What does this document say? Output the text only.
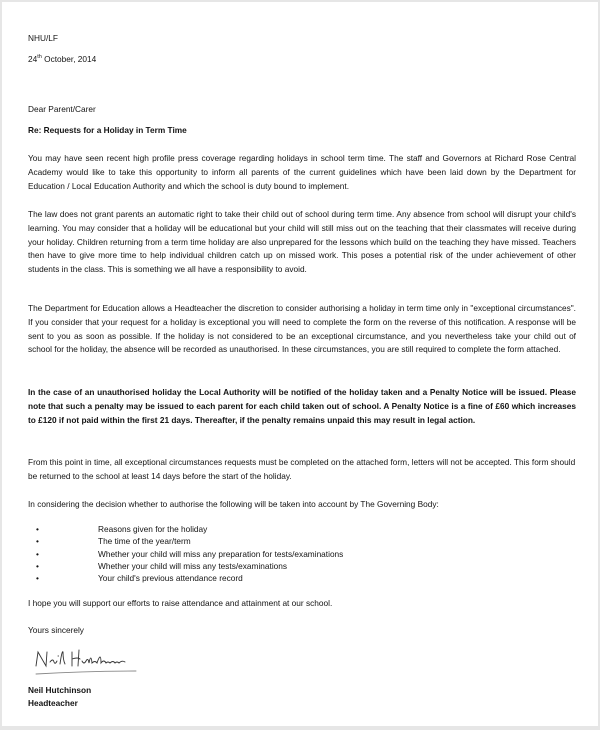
NHU/LF
24th October, 2014
Dear Parent/Carer
Re: Requests for a Holiday in Term Time
You may have seen recent high profile press coverage regarding holidays in school term time. The staff and Governors at Richard Rose Central Academy would like to take this opportunity to inform all parents of the current guidelines which have been laid down by the Department for Education / Local Education Authority and which the school is duty bound to implement.
The law does not grant parents an automatic right to take their child out of school during term time. Any absence from school will disrupt your child's learning. You may consider that a holiday will be educational but your child will still miss out on the teaching that their classmates will receive during your holiday. Children returning from a term time holiday are also unprepared for the lessons which build on the teaching they have missed. Teachers then have to give more time to help individual children catch up on missed work. This poses a potential risk of the under achievement of other students in the class. This is something we all have a responsibility to avoid.
The Department for Education allows a Headteacher the discretion to consider authorising a holiday in term time only in "exceptional circumstances". If you consider that your request for a holiday is exceptional you will need to complete the form on the reverse of this notification. A response will be sent to you as soon as possible. If the holiday is not considered to be an exceptional circumstance, and you nevertheless take your child out of school for the holiday, the absence will be recorded as unauthorised. In these circumstances, you are still required to complete the form attached.
In the case of an unauthorised holiday the Local Authority will be notified of the holiday taken and a Penalty Notice will be issued. Please note that such a penalty may be issued to each parent for each child taken out of school. A Penalty Notice is a fine of £60 which increases to £120 if not paid within the first 21 days. Thereafter, if the penalty remains unpaid this may result in legal action.
From this point in time, all exceptional circumstances requests must be completed on the attached form, letters will not be accepted. This form should be returned to the school at least 14 days before the start of the holiday.
In considering the decision whether to authorise the following will be taken into account by The Governing Body:
•	Reasons given for the holiday
•	The time of the year/term
•	Whether your child will miss any preparation for tests/examinations
•	Whether your child will miss any tests/examinations
•	Your child's previous attendance record
I hope you will support our efforts to raise attendance and attainment at our school.
Yours sincerely
Neil Hutchinson
Headteacher
